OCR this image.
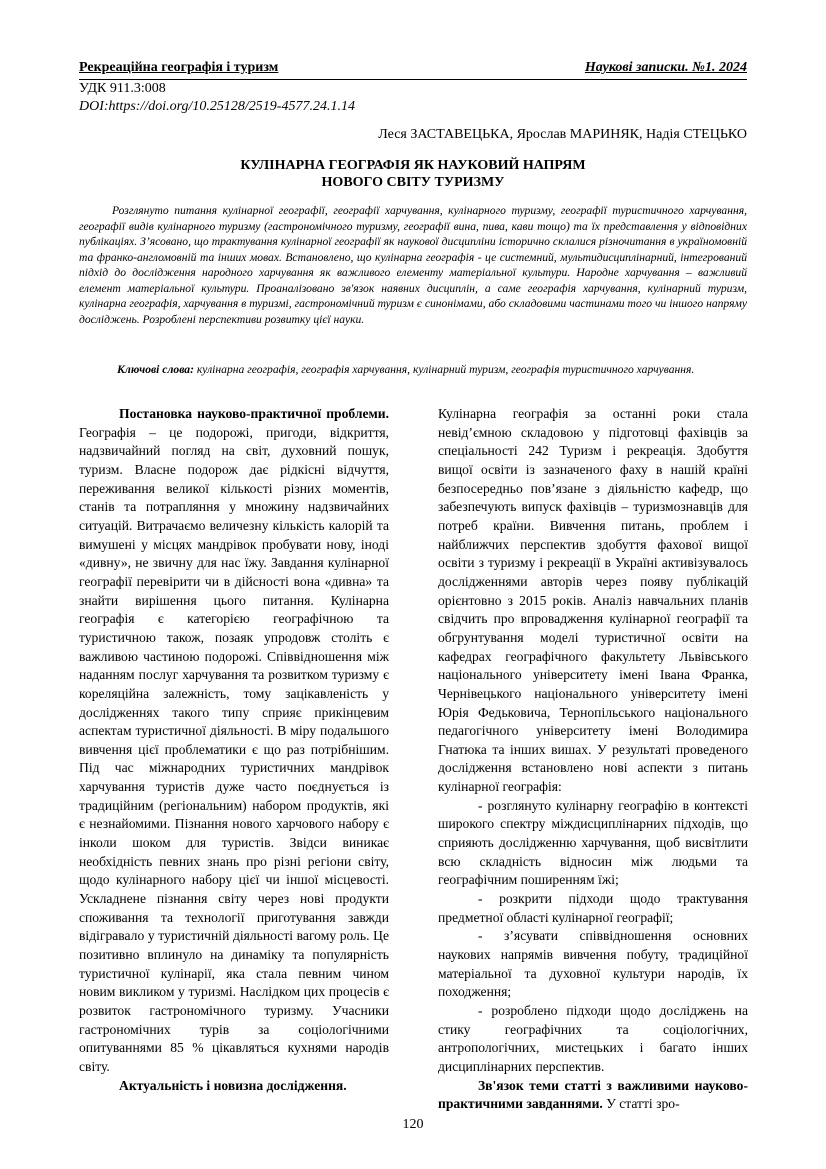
Рекреаційна географія і туризм	Наукові записки. №1. 2024
УДК 911.3:008
DOI:https://doi.org/10.25128/2519-4577.24.1.14
Леся ЗАСТАВЕЦЬКА, Ярослав МАРИНЯК, Надія СТЕЦЬКО
КУЛІНАРНА ГЕОГРАФІЯ ЯК НАУКОВИЙ НАПРЯМ
НОВОГО СВІТУ ТУРИЗМУ
Розглянуто питання кулінарної географії, географії харчування, кулінарного туризму, географії туристичного харчування, географії видів кулінарного туризму (гастрономічного туризму, географії вина, пива, кави тощо) та їх представлення у відповідних публікаціях. З’ясовано, що трактування кулінарної географії як наукової дисципліни історично склалися різночитання в україномовній та франко-англомовній та інших мовах. Встановлено, що кулінарна географія - це системний, мультидисциплінарний, інтегрований підхід до дослідження народного харчування як важливого елементу матеріальної культури. Народне харчування – важливий елемент матеріальної культури. Проаналізовано зв'язок наявних дисциплін, а саме географія харчування, кулінарний туризм, кулінарна географія, харчування в туризмі, гастрономічний туризм є синонімами, або складовими частинами того чи іншого напряму досліджень. Розроблені перспективи розвитку цієї науки.
Ключові слова: кулінарна географія, географія харчування, кулінарний туризм, географія туристичного харчування.

Постановка науково-практичної проблеми. Географія – це подорожі, пригоди, відкриття, надзвичайний погляд на світ, духовний пошук, туризм. Власне подорож дає рідкісні відчуття, переживання великої кількості різних моментів, станів та потрапляння у множину надзвичайних ситуацій. Витрачаємо величезну кількість калорій та вимушені у місцях мандрівок пробувати нову, іноді «дивну», не звичну для нас їжу. Завдання кулінарної географії перевірити чи в дійсності вона «дивна» та знайти вирішення цього питання. Кулінарна географія є категорією географічною та туристичною також, позаяк упродовж століть є важливою частиною подорожі. Співвідношення між наданням послуг харчування та розвитком туризму є кореляційна залежність, тому зацікавленість у дослідженнях такого типу сприяє прикінцевим аспектам туристичної діяльності. В міру подальшого вивчення цієї проблематики є що раз потрібнішим. Під час міжнародних туристичних мандрівок харчування туристів дуже часто поєднується із традиційним (регіональним) набором продуктів, які є незнайомими. Пізнання нового харчового набору є інколи шоком для туристів. Звідси виникає необхідність певних знань про різні регіони світу, щодо кулінарного набору цієї чи іншої місцевості. Ускладнене пізнання світу через нові продукти споживання та технології приготування завжди відігравало у туристичній діяльності вагому роль. Це позитивно вплинуло на динаміку та популярність туристичної кулінарії, яка стала певним чином новим викликом у туризмі. Наслідком цих процесів є розвиток гастрономічного туризму. Учасники гастрономічних турів за соціологічними опитуваннями 85 % цікавляться кухнями народів світу.

Актуальність і новизна дослідження.

Кулінарна географія за останні роки стала невід’ємною складовою у підготовці фахівців за спеціальності 242 Туризм і рекреація. Здобуття вищої освіти із зазначеного фаху в нашій країні безпосередньо пов’язане з діяльністю кафедр, що забезпечують випуск фахівців – туризмознавців для потреб країни. Вивчення питань, проблем і найближчих перспектив здобуття фахової вищої освіти з туризму і рекреації в Україні активізувалось дослідженнями авторів через появу публікацій орієнтовно з 2015 років. Аналіз навчальних планів свідчить про впровадження кулінарної географії та обгрунтування моделі туристичної освіти на кафедрах географічного факультету Львівського національного університету імені Івана Франка, Чернівецького національного університету імені Юрія Федьковича, Тернопільського національного педагогічного університету імені Володимира Гнатюка та інших вишах. У результаті проведеного дослідження встановлено нові аспекти з питань кулінарної географія:

- розглянуто кулінарну географію в контексті широкого спектру міждисциплінарних підходів, що сприяють дослідженню харчування, щоб висвітлити всю складність відносин між людьми та географічним поширенням їжі;

- розкрити підходи щодо трактування предметної області кулінарної географії;

- з’ясувати співвідношення основних наукових напрямів вивчення побуту, традиційної матеріальної та духовної культури народів, їх походження;

- розроблено підходи щодо досліджень на стику географічних та соціологічних, антропологічних, мистецьких і багато інших дисциплінарних перспектив.

Зв'язок теми статті з важливими науково-практичними завданнями. У статті зро-

120
